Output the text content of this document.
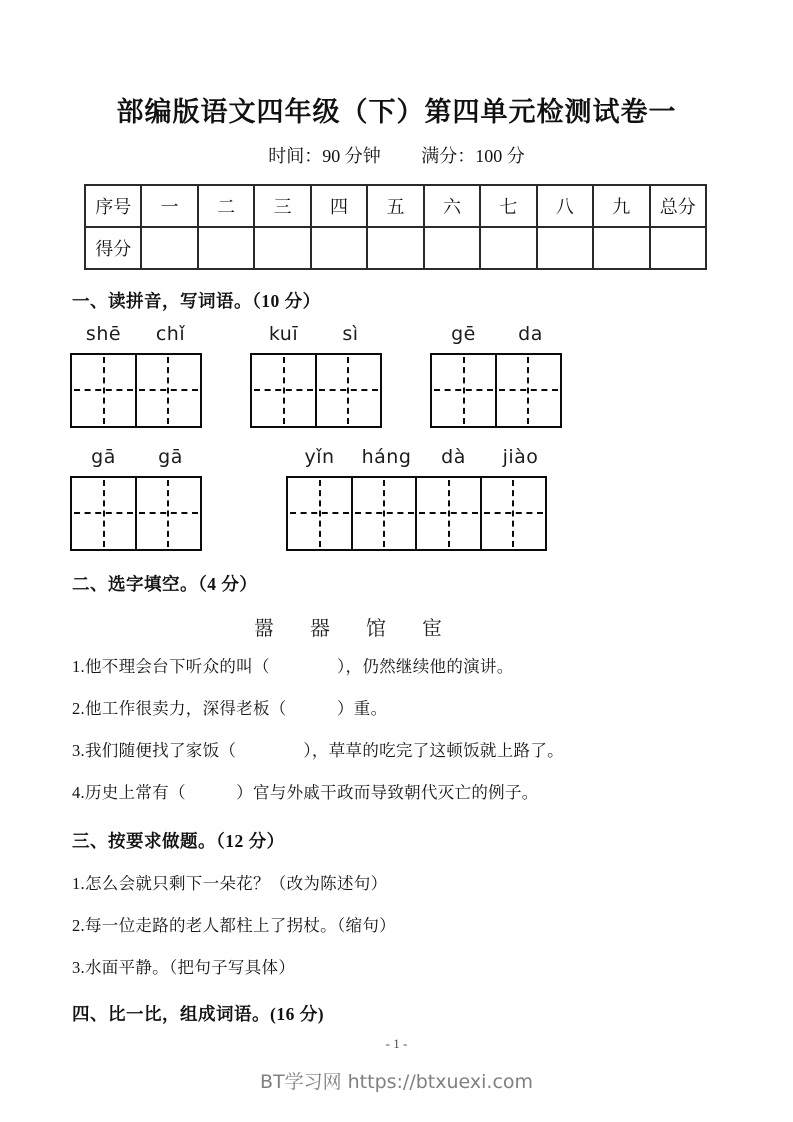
部编版语文四年级（下）第四单元检测试卷一
时间：90 分钟 满分：100 分
序号	一	二	三	四	五	六	七	八	九	总分
得分										
一、读拼音，写词语。（10 分）
shē	chǐ	kuī	sì	gē	da
gā	gā	yǐn	háng	dà	jiào
二、选字填空。（4 分）
嚣 器 馆 宦
1.他不理会台下听众的叫（　　　　），仍然继续他的演讲。
2.他工作很卖力，深得老板（　　　）重。
3.我们随便找了家饭（　　　　），草草的吃完了这顿饭就上路了。
4.历史上常有（　　　）官与外戚干政而导致朝代灭亡的例子。
三、按要求做题。（12 分）
1.怎么会就只剩下一朵花？（改为陈述句）
2.每一位走路的老人都柱上了拐杖。（缩句）
3.水面平静。（把句子写具体）
四、比一比，组成词语。(16 分)
- 1 -
BT学习网 https://btxuexi.com
